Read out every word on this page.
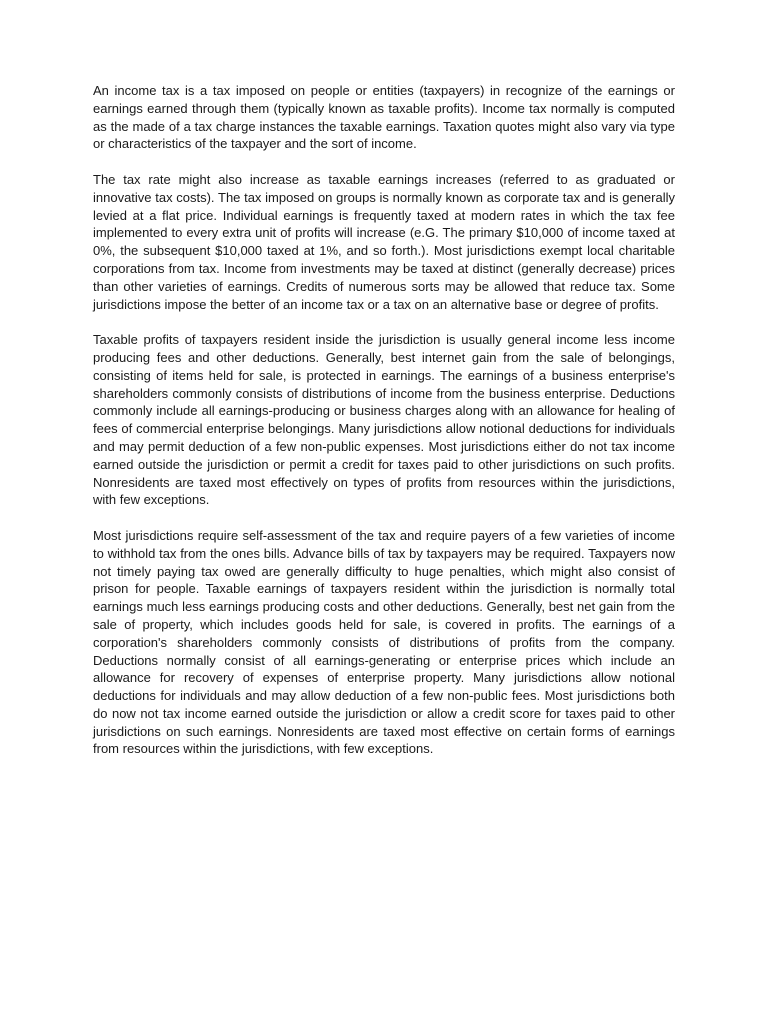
An income tax is a tax imposed on people or entities (taxpayers) in recognize of the earnings or earnings earned through them (typically known as taxable profits). Income tax normally is computed as the made of a tax charge instances the taxable earnings. Taxation quotes might also vary via type or characteristics of the taxpayer and the sort of income.

The tax rate might also increase as taxable earnings increases (referred to as graduated or innovative tax costs). The tax imposed on groups is normally known as corporate tax and is generally levied at a flat price. Individual earnings is frequently taxed at modern rates in which the tax fee implemented to every extra unit of profits will increase (e.G. The primary $10,000 of income taxed at 0%, the subsequent $10,000 taxed at 1%, and so forth.). Most jurisdictions exempt local charitable corporations from tax. Income from investments may be taxed at distinct (generally decrease) prices than other varieties of earnings. Credits of numerous sorts may be allowed that reduce tax. Some jurisdictions impose the better of an income tax or a tax on an alternative base or degree of profits.

Taxable profits of taxpayers resident inside the jurisdiction is usually general income less income producing fees and other deductions. Generally, best internet gain from the sale of belongings, consisting of items held for sale, is protected in earnings. The earnings of a business enterprise's shareholders commonly consists of distributions of income from the business enterprise. Deductions commonly include all earnings-producing or business charges along with an allowance for healing of fees of commercial enterprise belongings. Many jurisdictions allow notional deductions for individuals and may permit deduction of a few non-public expenses. Most jurisdictions either do not tax income earned outside the jurisdiction or permit a credit for taxes paid to other jurisdictions on such profits. Nonresidents are taxed most effectively on types of profits from resources within the jurisdictions, with few exceptions.

Most jurisdictions require self-assessment of the tax and require payers of a few varieties of income to withhold tax from the ones bills. Advance bills of tax by taxpayers may be required. Taxpayers now not timely paying tax owed are generally difficulty to huge penalties, which might also consist of prison for people. Taxable earnings of taxpayers resident within the jurisdiction is normally total earnings much less earnings producing costs and other deductions. Generally, best net gain from the sale of property, which includes goods held for sale, is covered in profits. The earnings of a corporation's shareholders commonly consists of distributions of profits from the company. Deductions normally consist of all earnings-generating or enterprise prices which include an allowance for recovery of expenses of enterprise property. Many jurisdictions allow notional deductions for individuals and may allow deduction of a few non-public fees. Most jurisdictions both do now not tax income earned outside the jurisdiction or allow a credit score for taxes paid to other jurisdictions on such earnings. Nonresidents are taxed most effective on certain forms of earnings from resources within the jurisdictions, with few exceptions.
